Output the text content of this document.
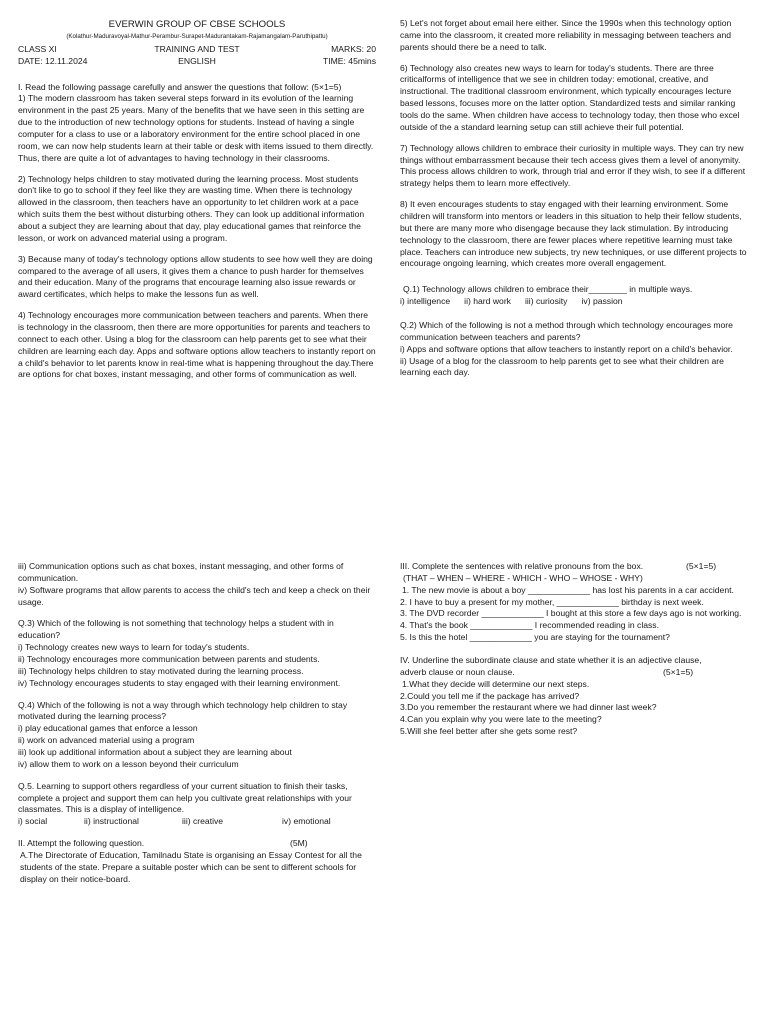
EVERWIN GROUP OF CBSE SCHOOLS
(Kolathur-Maduravoyal-Mathur-Perambur-Surapet-Madurantakam-Rajamangalam-Paruthipattu)
CLASS XI	TRAINING AND TEST	MARKS: 20
DATE: 12.11.2024	ENGLISH	TIME: 45mins
I. Read the following passage carefully and answer the questions that follow: (5×1=5)

1) The modern classroom has taken several steps forward in its evolution of the learning environment in the past 25 years. Many of the benefits that we have seen in this setting are due to the introduction of new technology options for students. Instead of having a single computer for a class to use or a laboratory environment for the entire school placed in one room, we can now help students learn at their table or desk with items issued to them directly. Thus, there are quite a lot of advantages to having technology in their classrooms.

2) Technology helps children to stay motivated during the learning process. Most students don't like to go to school if they feel like they are wasting time. When there is technology allowed in the classroom, then teachers have an opportunity to let children work at a pace which suits them the best without disturbing others. They can look up additional information about a subject they are learning about that day, play educational games that reinforce the lesson, or work on advanced material using a program.

3) Because many of today's technology options allow students to see how well they are doing compared to the average of all users, it gives them a chance to push harder for themselves and their education. Many of the programs that encourage learning also issue rewards or award certificates, which helps to make the lessons fun as well.

4) Technology encourages more communication between teachers and parents. When there is technology in the classroom, then there are more opportunities for parents and teachers to connect to each other. Using a blog for the classroom can help parents get to see what their children are learning each day. Apps and software options allow teachers to instantly report on a child's behavior to let parents know in real-time what is happening throughout the day.There are options for chat boxes, instant messaging, and other forms of communication as well.

5) Let's not forget about email here either. Since the 1990s when this technology option came into the classroom, it created more reliability in messaging between teachers and parents should there be a need to talk.

6) Technology also creates new ways to learn for today's students. There are three criticalforms of intelligence that we see in children today: emotional, creative, and instructional. The traditional classroom environment, which typically encourages lecture based lessons, focuses more on the latter option. Standardized tests and similar ranking tools do the same. When children have access to technology today, then those who excel outside of the a standard learning setup can still achieve their full potential.

7) Technology allows children to embrace their curiosity in multiple ways. They can try new things without embarrassment because their tech access gives them a level of anonymity. This process allows children to work, through trial and error if they wish, to see if a different strategy helps them to learn more effectively.

8) It even encourages students to stay engaged with their learning environment. Some children will transform into mentors or leaders in this situation to help their fellow students, but there are many more who disengage because they lack stimulation. By introducing technology to the classroom, there are fewer places where repetitive learning must take place. Teachers can introduce new subjects, try new techniques, or use different projects to encourage ongoing learning, which creates more overall engagement.

Q.1) Technology allows children to embrace their________ in multiple ways.
i) intelligence ii) hard work iii) curiosity iv) passion
Q.2) Which of the following is not a method through which technology encourages more communication between teachers and parents?
i) Apps and software options that allow teachers to instantly report on a child's behavior.
ii) Usage of a blog for the classroom to help parents get to see what their children are learning each day.
iii) Communication options such as chat boxes, instant messaging, and other forms of communication.
iv) Software programs that allow parents to access the child's tech and keep a check on their usage.
Q.3) Which of the following is not something that technology helps a student with in education?
i) Technology creates new ways to learn for today's students.
ii) Technology encourages more communication between parents and students.
iii) Technology helps children to stay motivated during the learning process.
iv) Technology encourages students to stay engaged with their learning environment.
Q.4) Which of the following is not a way through which technology help children to stay motivated during the learning process?
i) play educational games that enforce a lesson
ii) work on advanced material using a program
iii) look up additional information about a subject they are learning about
iv) allow them to work on a lesson beyond their curriculum
Q.5. Learning to support others regardless of your current situation to finish their tasks, complete a project and support them can help you cultivate great relationships with your classmates. This is a display of intelligence.
i) social	ii) instructional	iii) creative	iv) emotional
II. Attempt the following question.	(5M)
A.The Directorate of Education, Tamilnadu State is organising an Essay Contest for all the students of the state. Prepare a suitable poster which can be sent to different schools for display on their notice-board.
III. Complete the sentences with relative pronouns from the box.	(5×1=5)
(THAT – WHEN – WHERE - WHICH - WHO – WHOSE - WHY)
1. The new movie is about a boy _____________ has lost his parents in a car accident.
2. I have to buy a present for my mother, _____________ birthday is next week.
3. The DVD recorder _____________ I bought at this store a few days ago is not working.
4. That's the book _____________ I recommended reading in class.
5. Is this the hotel _____________ you are staying for the tournament?
IV. Underline the subordinate clause and state whether it is an adjective clause,
adverb clause or noun clause.	(5×1=5)
1.What they decide will determine our next steps.
2.Could you tell me if the package has arrived?
3.Do you remember the restaurant where we had dinner last week?
4.Can you explain why you were late to the meeting?
5.Will she feel better after she gets some rest?
